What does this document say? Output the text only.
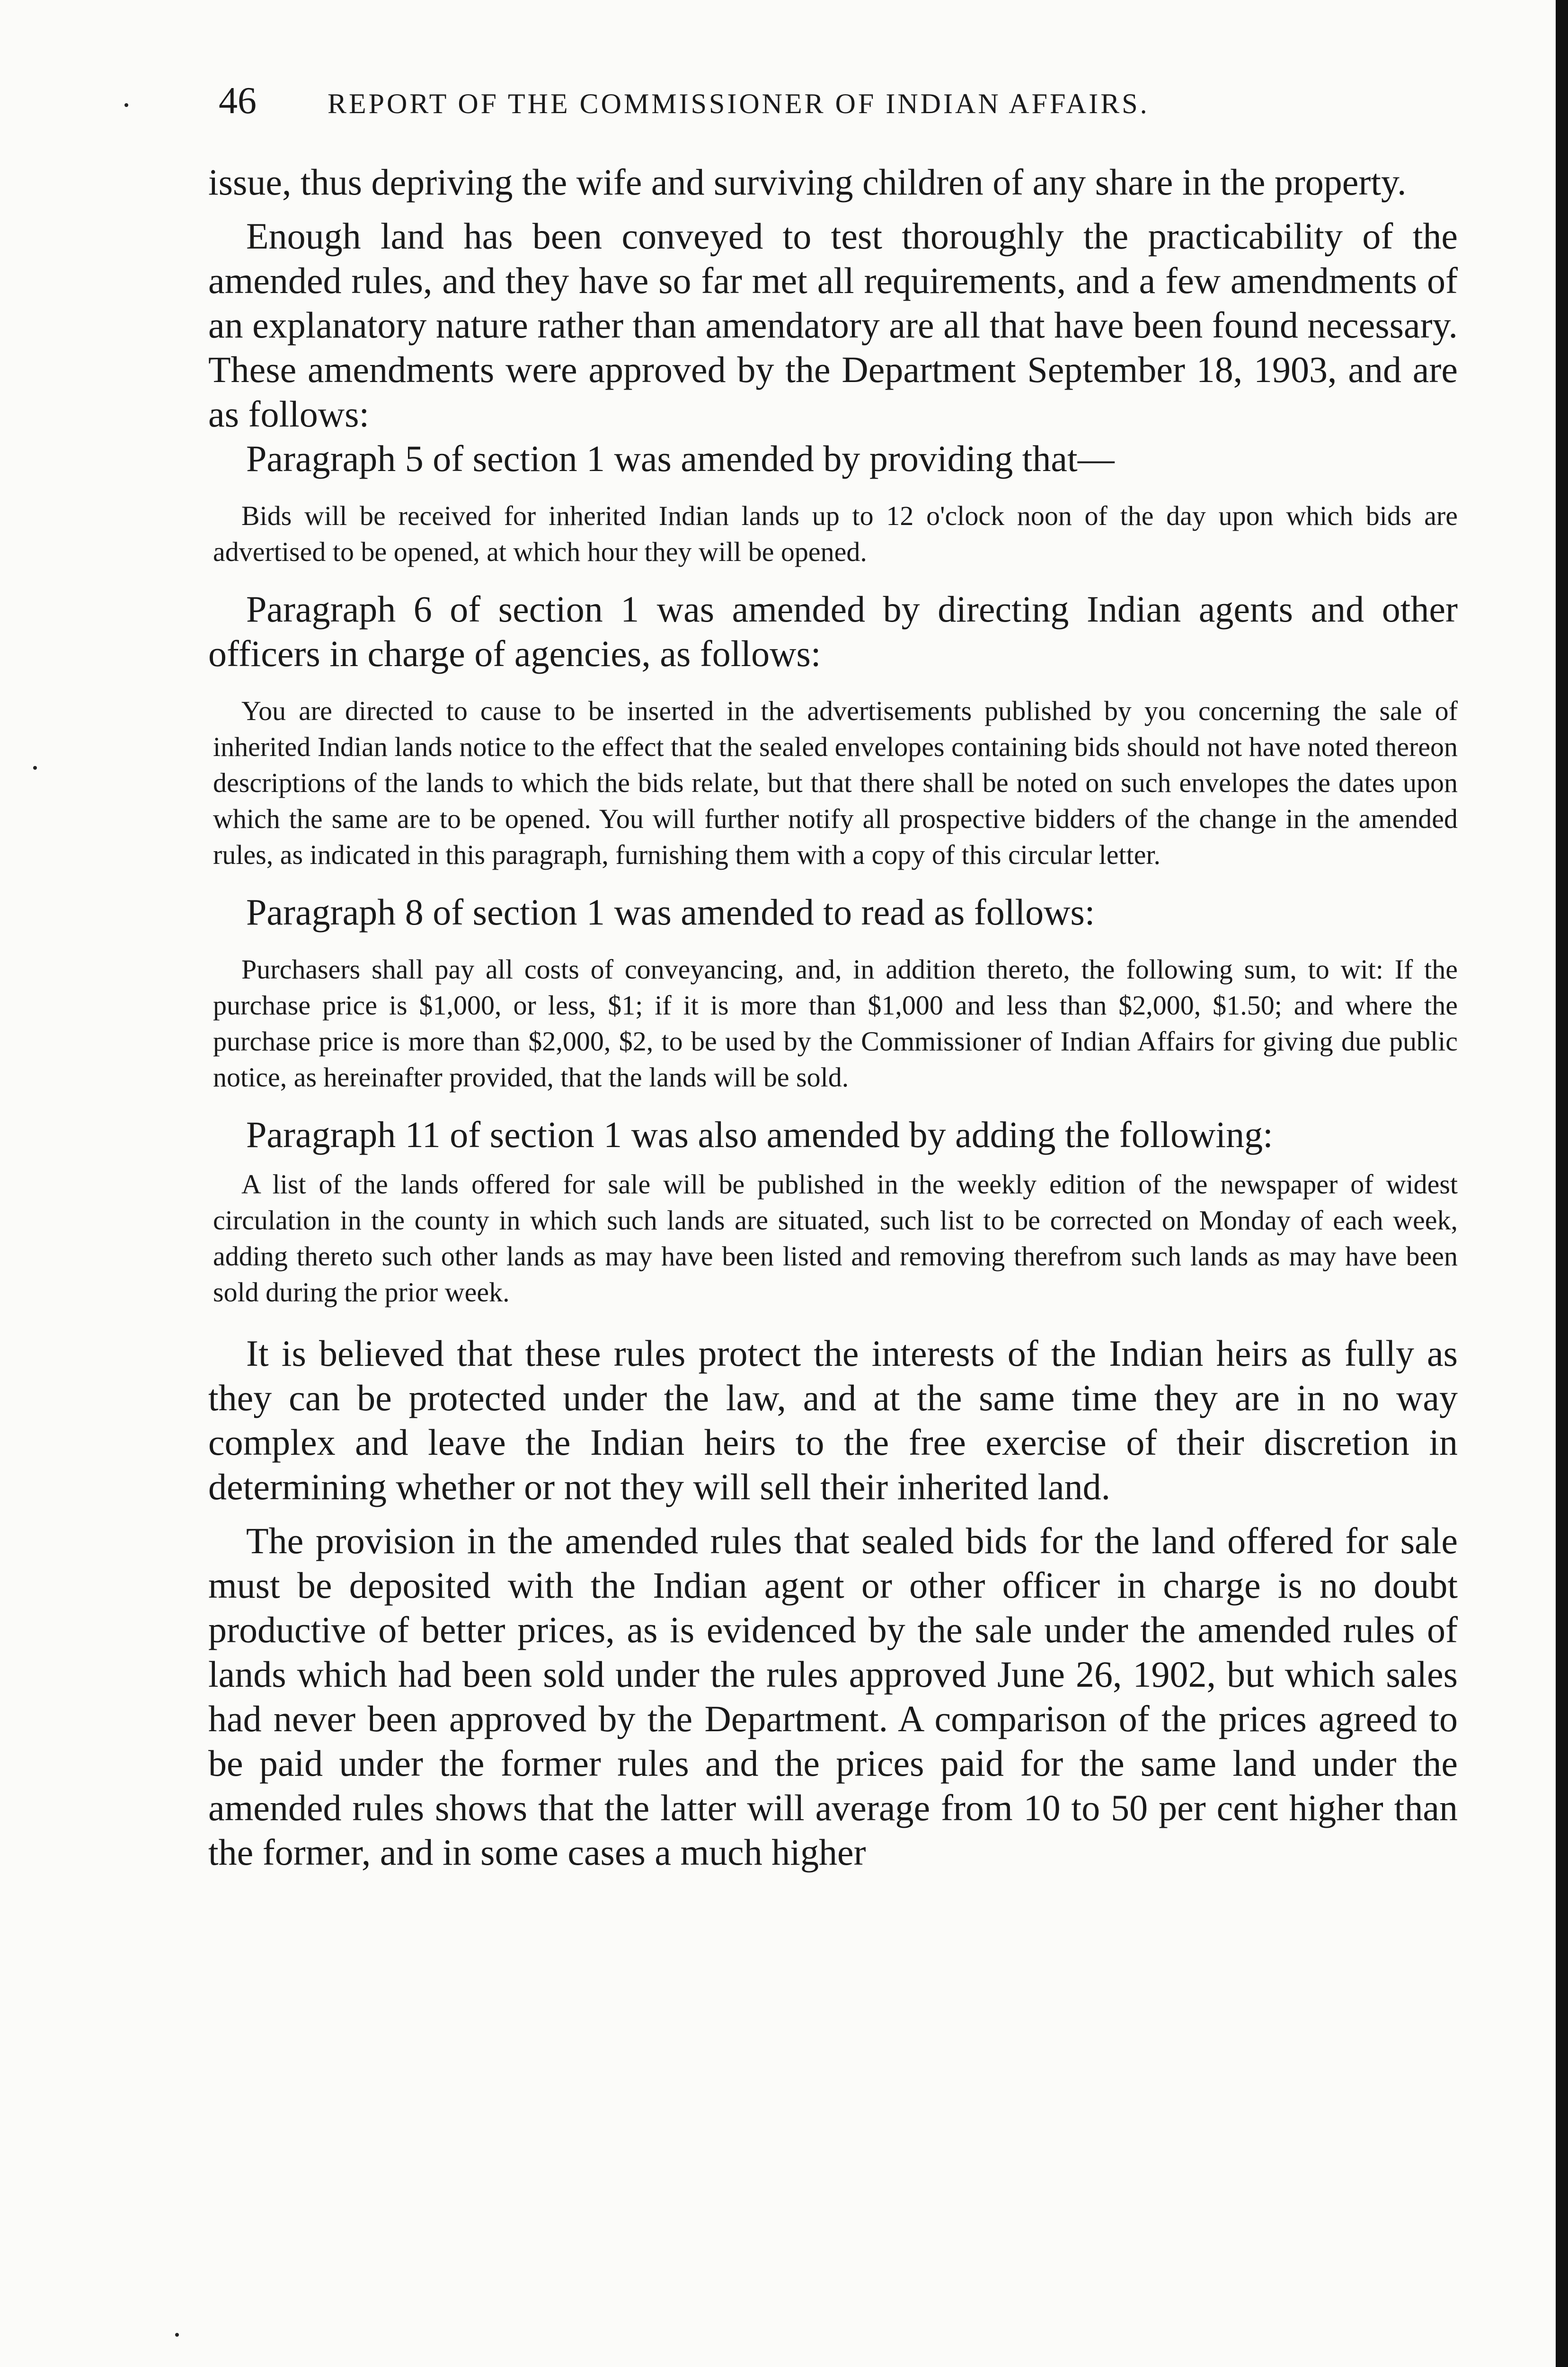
46	REPORT OF THE COMMISSIONER OF INDIAN AFFAIRS.

issue, thus depriving the wife and surviving children of any share in the property.

Enough land has been conveyed to test thoroughly the practicability of the amended rules, and they have so far met all requirements, and a few amendments of an explanatory nature rather than amendatory are all that have been found necessary. These amendments were approved by the Department September 18, 1903, and are as follows:

Paragraph 5 of section 1 was amended by providing that—

Bids will be received for inherited Indian lands up to 12 o'clock noon of the day upon which bids are advertised to be opened, at which hour they will be opened.

Paragraph 6 of section 1 was amended by directing Indian agents and other officers in charge of agencies, as follows:

You are directed to cause to be inserted in the advertisements published by you concerning the sale of inherited Indian lands notice to the effect that the sealed envelopes containing bids should not have noted thereon descriptions of the lands to which the bids relate, but that there shall be noted on such envelopes the dates upon which the same are to be opened. You will further notify all prospective bidders of the change in the amended rules, as indicated in this paragraph, furnishing them with a copy of this circular letter.

Paragraph 8 of section 1 was amended to read as follows:

Purchasers shall pay all costs of conveyancing, and, in addition thereto, the following sum, to wit: If the purchase price is $1,000, or less, $1; if it is more than $1,000 and less than $2,000, $1.50; and where the purchase price is more than $2,000, $2, to be used by the Commissioner of Indian Affairs for giving due public notice, as hereinafter provided, that the lands will be sold.

Paragraph 11 of section 1 was also amended by adding the following:

A list of the lands offered for sale will be published in the weekly edition of the newspaper of widest circulation in the county in which such lands are situated, such list to be corrected on Monday of each week, adding thereto such other lands as may have been listed and removing therefrom such lands as may have been sold during the prior week.

It is believed that these rules protect the interests of the Indian heirs as fully as they can be protected under the law, and at the same time they are in no way complex and leave the Indian heirs to the free exercise of their discretion in determining whether or not they will sell their inherited land.

The provision in the amended rules that sealed bids for the land offered for sale must be deposited with the Indian agent or other officer in charge is no doubt productive of better prices, as is evidenced by the sale under the amended rules of lands which had been sold under the rules approved June 26, 1902, but which sales had never been approved by the Department. A comparison of the prices agreed to be paid under the former rules and the prices paid for the same land under the amended rules shows that the latter will average from 10 to 50 per cent higher than the former, and in some cases a much higher
